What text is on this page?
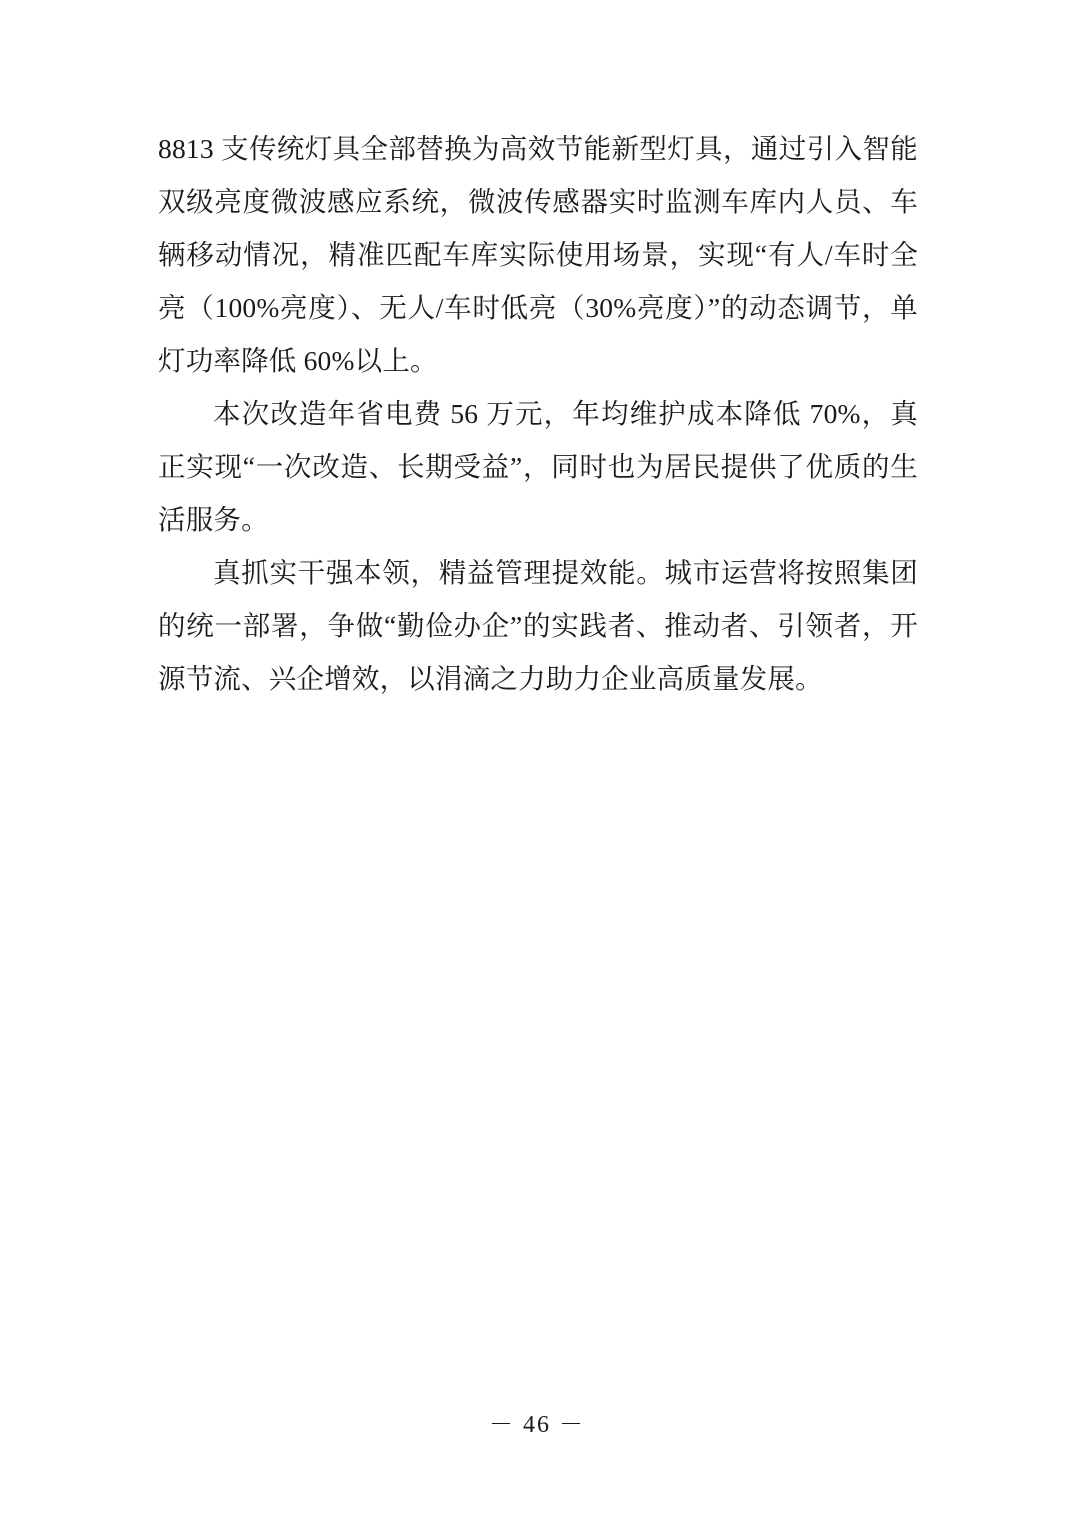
8813 支传统灯具全部替换为高效节能新型灯具，通过引入智能双级亮度微波感应系统，微波传感器实时监测车库内人员、车辆移动情况，精准匹配车库实际使用场景，实现“有人/车时全亮（100%亮度）、无人/车时低亮（30%亮度）”的动态调节，单灯功率降低 60%以上。

本次改造年省电费 56 万元，年均维护成本降低 70%，真正实现“一次改造、长期受益”，同时也为居民提供了优质的生活服务。

真抓实干强本领，精益管理提效能。城市运营将按照集团的统一部署，争做“勤俭办企”的实践者、推动者、引领者，开源节流、兴企增效，以涓滴之力助力企业高质量发展。

－ 46 －
